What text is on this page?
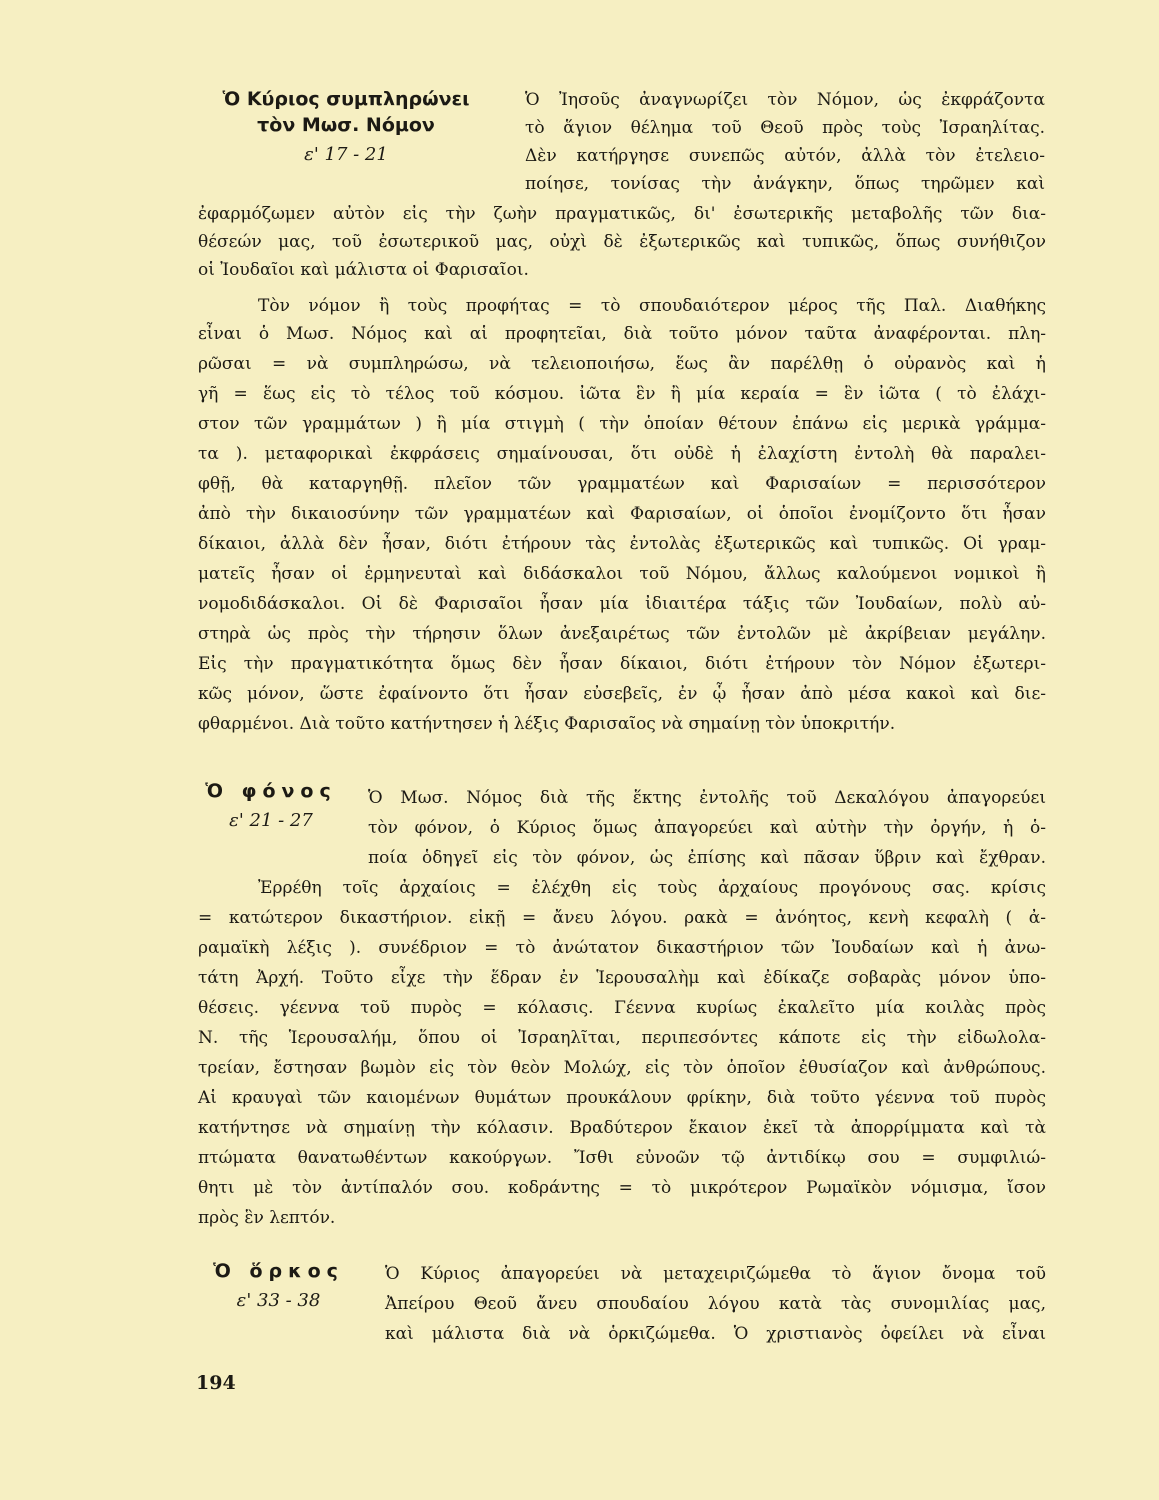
Ὁ Κύριος συμπληρώνει
τὸν Μωσ. Νόμον
ε' 17 - 21
Ὁ Ἰησοῦς ἀναγνωρίζει τὸν Νόμον, ὡς ἐκφράζοντα
τὸ ἅγιον θέλημα τοῦ Θεοῦ πρὸς τοὺς Ἰσραηλίτας.
Δὲν κατήργησε συνεπῶς αὐτόν, ἀλλὰ τὸν ἐτελειο-
ποίησε, τονίσας τὴν ἀνάγκην, ὅπως τηρῶμεν καὶ
ἐφαρμόζωμεν αὐτὸν εἰς τὴν ζωὴν πραγματικῶς, δι' ἐσωτερικῆς μεταβολῆς τῶν δια-
θέσεών μας, τοῦ ἐσωτερικοῦ μας, οὐχὶ δὲ ἐξωτερικῶς καὶ τυπικῶς, ὅπως συνήθιζον
οἱ Ἰουδαῖοι καὶ μάλιστα οἱ Φαρισαῖοι.
Τὸν νόμον ἢ τοὺς προφήτας = τὸ σπουδαιότερον μέρος τῆς Παλ. Διαθήκης
εἶναι ὁ Μωσ. Νόμος καὶ αἱ προφητεῖαι, διὰ τοῦτο μόνον ταῦτα ἀναφέρονται. πλη-
ρῶσαι = νὰ συμπληρώσω, νὰ τελειοποιήσω, ἕως ἂν παρέλθῃ ὁ οὐρανὸς καὶ ἡ
γῆ = ἕως εἰς τὸ τέλος τοῦ κόσμου. ἰῶτα ἓν ἢ μία κεραία = ἓν ἰῶτα ( τὸ ἐλάχι-
στον τῶν γραμμάτων ) ἢ μία στιγμὴ ( τὴν ὁποίαν θέτουν ἐπάνω εἰς μερικὰ γράμμα-
τα ). μεταφορικαὶ ἐκφράσεις σημαίνουσαι, ὅτι οὐδὲ ἡ ἐλαχίστη ἐντολὴ θὰ παραλει-
φθῇ, θὰ καταργηθῇ. πλεῖον τῶν γραμματέων καὶ Φαρισαίων = περισσότερον
ἀπὸ τὴν δικαιοσύνην τῶν γραμματέων καὶ Φαρισαίων, οἱ ὁποῖοι ἐνομίζοντο ὅτι ἦσαν
δίκαιοι, ἀλλὰ δὲν ἦσαν, διότι ἐτήρουν τὰς ἐντολὰς ἐξωτερικῶς καὶ τυπικῶς. Οἱ γραμ-
ματεῖς ἦσαν οἱ ἑρμηνευταὶ καὶ διδάσκαλοι τοῦ Νόμου, ἄλλως καλούμενοι νομικοὶ ἢ
νομοδιδάσκαλοι. Οἱ δὲ Φαρισαῖοι ἦσαν μία ἰδιαιτέρα τάξις τῶν Ἰουδαίων, πολὺ αὐ-
στηρὰ ὡς πρὸς τὴν τήρησιν ὅλων ἀνεξαιρέτως τῶν ἐντολῶν μὲ ἀκρίβειαν μεγάλην.
Εἰς τὴν πραγματικότητα ὅμως δὲν ἦσαν δίκαιοι, διότι ἐτήρουν τὸν Νόμον ἐξωτερι-
κῶς μόνον, ὥστε ἐφαίνοντο ὅτι ἦσαν εὐσεβεῖς, ἐν ᾧ ἦσαν ἀπὸ μέσα κακοὶ καὶ διε-
φθαρμένοι. Διὰ τοῦτο κατήντησεν ἡ λέξις Φαρισαῖος νὰ σημαίνῃ τὸν ὑποκριτήν.
Ὁ φόνος
ε' 21 - 27
Ὁ Μωσ. Νόμος διὰ τῆς ἕκτης ἐντολῆς τοῦ Δεκαλόγου ἀπαγορεύει
τὸν φόνον, ὁ Κύριος ὅμως ἀπαγορεύει καὶ αὐτὴν τὴν ὀργήν, ἡ ὁ-
ποία ὁδηγεῖ εἰς τὸν φόνον, ὡς ἐπίσης καὶ πᾶσαν ὕβριν καὶ ἔχθραν.
Ἐρρέθη τοῖς ἀρχαίοις = ἐλέχθη εἰς τοὺς ἀρχαίους προγόνους σας. κρίσις
= κατώτερον δικαστήριον. εἰκῇ = ἄνευ λόγου. ρακὰ = ἀνόητος, κενὴ κεφαλὴ ( ἀ-
ραμαϊκὴ λέξις ). συνέδριον = τὸ ἀνώτατον δικαστήριον τῶν Ἰουδαίων καὶ ἡ ἀνω-
τάτη Ἀρχή. Τοῦτο εἶχε τὴν ἕδραν ἐν Ἱερουσαλὴμ καὶ ἐδίκαζε σοβαρὰς μόνον ὑπο-
θέσεις. γέεννα τοῦ πυρὸς = κόλασις. Γέεννα κυρίως ἐκαλεῖτο μία κοιλὰς πρὸς
Ν. τῆς Ἱερουσαλήμ, ὅπου οἱ Ἰσραηλῖται, περιπεσόντες κάποτε εἰς τὴν εἰδωλολα-
τρείαν, ἔστησαν βωμὸν εἰς τὸν θεὸν Μολώχ, εἰς τὸν ὁποῖον ἐθυσίαζον καὶ ἀνθρώπους.
Αἱ κραυγαὶ τῶν καιομένων θυμάτων προυκάλουν φρίκην, διὰ τοῦτο γέεννα τοῦ πυρὸς
κατήντησε νὰ σημαίνῃ τὴν κόλασιν. Βραδύτερον ἔκαιον ἐκεῖ τὰ ἀπορρίμματα καὶ τὰ
πτώματα θανατωθέντων κακούργων. Ἴσθι εὐνοῶν τῷ ἀντιδίκῳ σου = συμφιλιώ-
θητι μὲ τὸν ἀντίπαλόν σου. κοδράντης = τὸ μικρότερον Ρωμαϊκὸν νόμισμα, ἴσον
πρὸς ἓν λεπτόν.
Ὁ ὅρκος
ε' 33 - 38
Ὁ Κύριος ἀπαγορεύει νὰ μεταχειριζώμεθα τὸ ἅγιον ὄνομα τοῦ
Ἀπείρου Θεοῦ ἄνευ σπουδαίου λόγου κατὰ τὰς συνομιλίας μας,
καὶ μάλιστα διὰ νὰ ὁρκιζώμεθα. Ὁ χριστιανὸς ὀφείλει νὰ εἶναι
194
